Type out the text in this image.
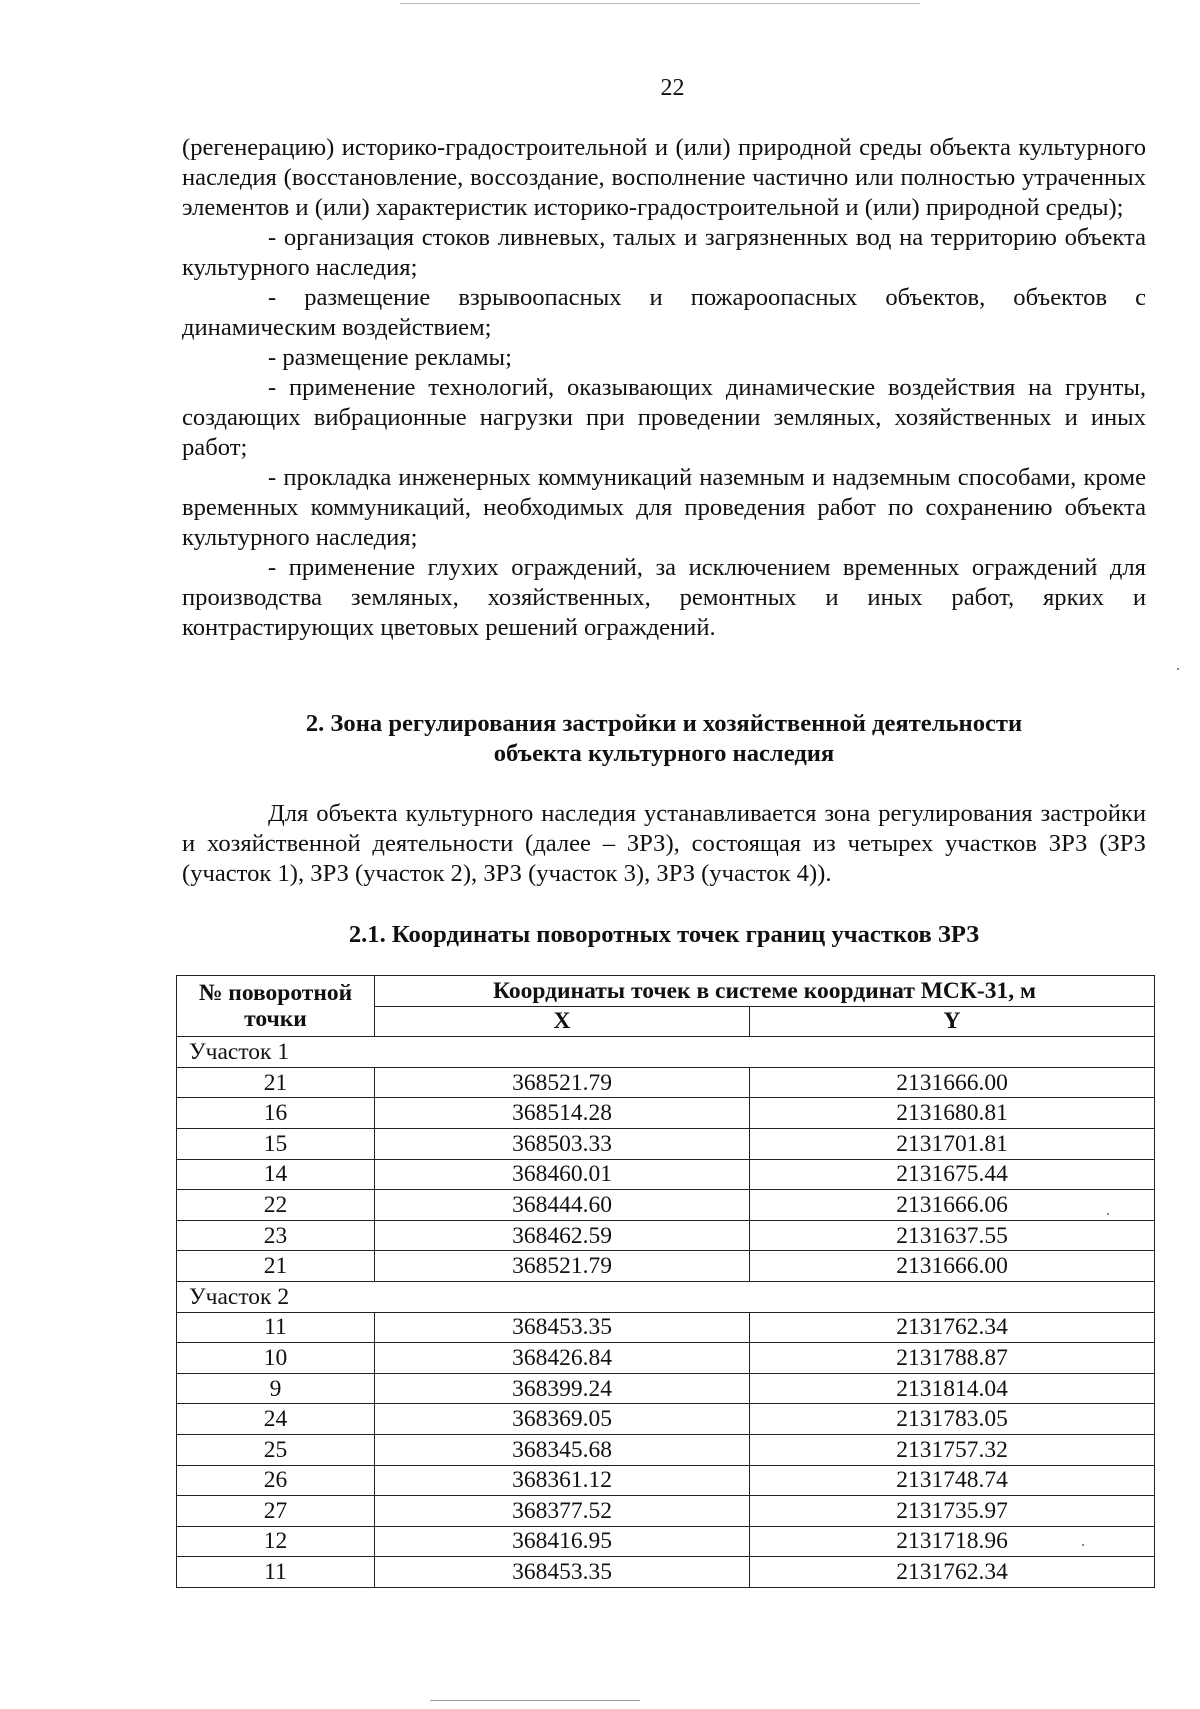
22

(регенерацию) историко-градостроительной и (или) природной среды объекта культурного наследия (восстановление, воссоздание, восполнение частично или полностью утраченных элементов и (или) характеристик историко-градостроительной и (или) природной среды);

- организация стоков ливневых, талых и загрязненных вод на территорию объекта культурного наследия;

- размещение взрывоопасных и пожароопасных объектов, объектов с динамическим воздействием;

- размещение рекламы;

- применение технологий, оказывающих динамические воздействия на грунты, создающих вибрационные нагрузки при проведении земляных, хозяйственных и иных работ;

- прокладка инженерных коммуникаций наземным и надземным способами, кроме временных коммуникаций, необходимых для проведения работ по сохранению объекта культурного наследия;

- применение глухих ограждений, за исключением временных ограждений для производства земляных, хозяйственных, ремонтных и иных работ, ярких и контрастирующих цветовых решений ограждений.

2. Зона регулирования застройки и хозяйственной деятельности
объекта культурного наследия

Для объекта культурного наследия устанавливается зона регулирования застройки и хозяйственной деятельности (далее – ЗРЗ), состоящая из четырех участков ЗРЗ (ЗРЗ (участок 1), ЗРЗ (участок 2), ЗРЗ (участок 3), ЗРЗ (участок 4)).

2.1. Координаты поворотных точек границ участков ЗРЗ
№ поворотной точки	Координаты точек в системе координат МСК-31, м	
	X	Y
Участок 1		
21	368521.79	2131666.00
16	368514.28	2131680.81
15	368503.33	2131701.81
14	368460.01	2131675.44
22	368444.60	2131666.06
23	368462.59	2131637.55
21	368521.79	2131666.00
Участок 2		
11	368453.35	2131762.34
10	368426.84	2131788.87
9	368399.24	2131814.04
24	368369.05	2131783.05
25	368345.68	2131757.32
26	368361.12	2131748.74
27	368377.52	2131735.97
12	368416.95	2131718.96
11	368453.35	2131762.34
